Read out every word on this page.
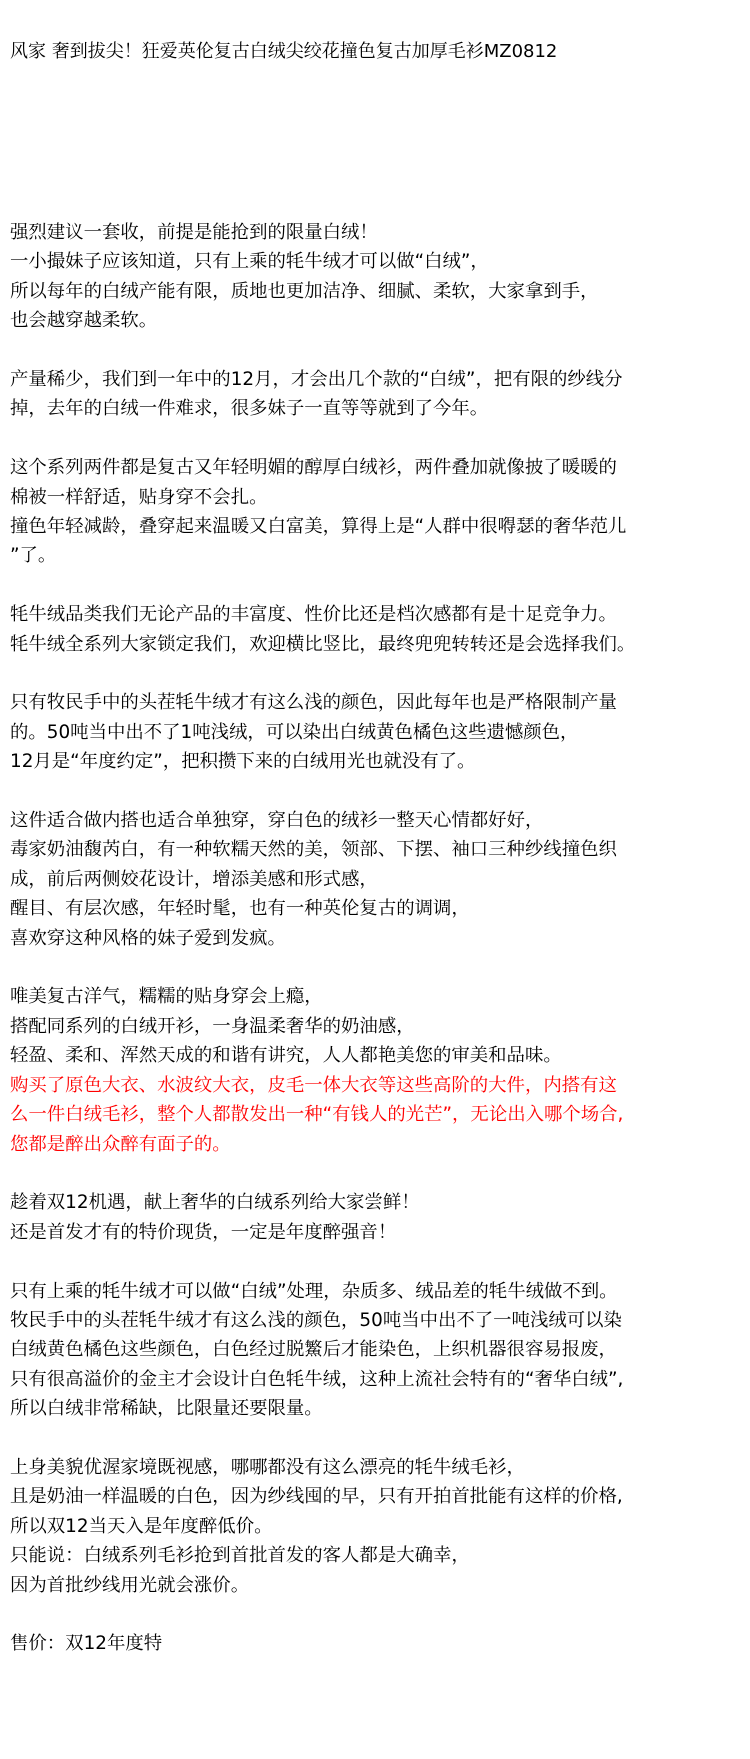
风家 奢到拔尖！狂爱英伦复古白绒尖绞花撞色复古加厚毛衫MZ0812
强烈建议一套收，前提是能抢到的限量白绒！
一小撮妹子应该知道，只有上乘的牦牛绒才可以做“白绒”，
所以每年的白绒产能有限，质地也更加洁净、细腻、柔软，大家拿到手，
也会越穿越柔软。
产量稀少，我们到一年中的12月，才会出几个款的“白绒”，把有限的纱线分
掉，去年的白绒一件难求，很多妹子一直等等就到了今年。
这个系列两件都是复古又年轻明媚的醇厚白绒衫，两件叠加就像披了暖暖的
棉被一样舒适，贴身穿不会扎。
撞色年轻减龄，叠穿起来温暖又白富美，算得上是“人群中很嘚瑟的奢华范儿
”了。
牦牛绒品类我们无论产品的丰富度、性价比还是档次感都有是十足竞争力。
牦牛绒全系列大家锁定我们，欢迎横比竖比，最终兜兜转转还是会选择我们。
只有牧民手中的头茬牦牛绒才有这么浅的颜色，因此每年也是严格限制产量
的。50吨当中出不了1吨浅绒，可以染出白绒黄色橘色这些遗憾颜色，
12月是“年度约定”，把积攒下来的白绒用光也就没有了。
这件适合做内搭也适合单独穿，穿白色的绒衫一整天心情都好好，
毒家奶油馥芮白，有一种软糯天然的美，领部、下摆、袖口三种纱线撞色织
成，前后两侧姣花设计，增添美感和形式感，
醒目、有层次感，年轻时髦，也有一种英伦复古的调调，
喜欢穿这种风格的妹子爱到发疯。
唯美复古洋气，糯糯的贴身穿会上瘾，
搭配同系列的白绒开衫，一身温柔奢华的奶油感，
轻盈、柔和、浑然天成的和谐有讲究，人人都艳美您的审美和品味。
购买了原色大衣、水波纹大衣，皮毛一体大衣等这些高阶的大件，内搭有这
么一件白绒毛衫，整个人都散发出一种“有钱人的光芒”，无论出入哪个场合,
您都是醉出众醉有面子的。
趁着双12机遇，献上奢华的白绒系列给大家尝鲜！
还是首发才有的特价现货，一定是年度醉强音！
只有上乘的牦牛绒才可以做“白绒”处理，杂质多、绒品差的牦牛绒做不到。
牧民手中的头茬牦牛绒才有这么浅的颜色，50吨当中出不了一吨浅绒可以染
白绒黄色橘色这些颜色，白色经过脱鰵后才能染色，上织机器很容易报废，
只有很高溢价的金主才会设计白色牦牛绒，这种上流社会特有的“奢华白绒”,
所以白绒非常稀缺，比限量还要限量。
上身美貌优渥家境既视感，哪哪都没有这么漂亮的牦牛绒毛衫，
且是奶油一样温暖的白色，因为纱线囤的早，只有开拍首批能有这样的价格,
所以双12当天入是年度醉低价。
只能说：白绒系列毛衫抢到首批首发的客人都是大确幸，
因为首批纱线用光就会涨价。
售价：双12年度特
